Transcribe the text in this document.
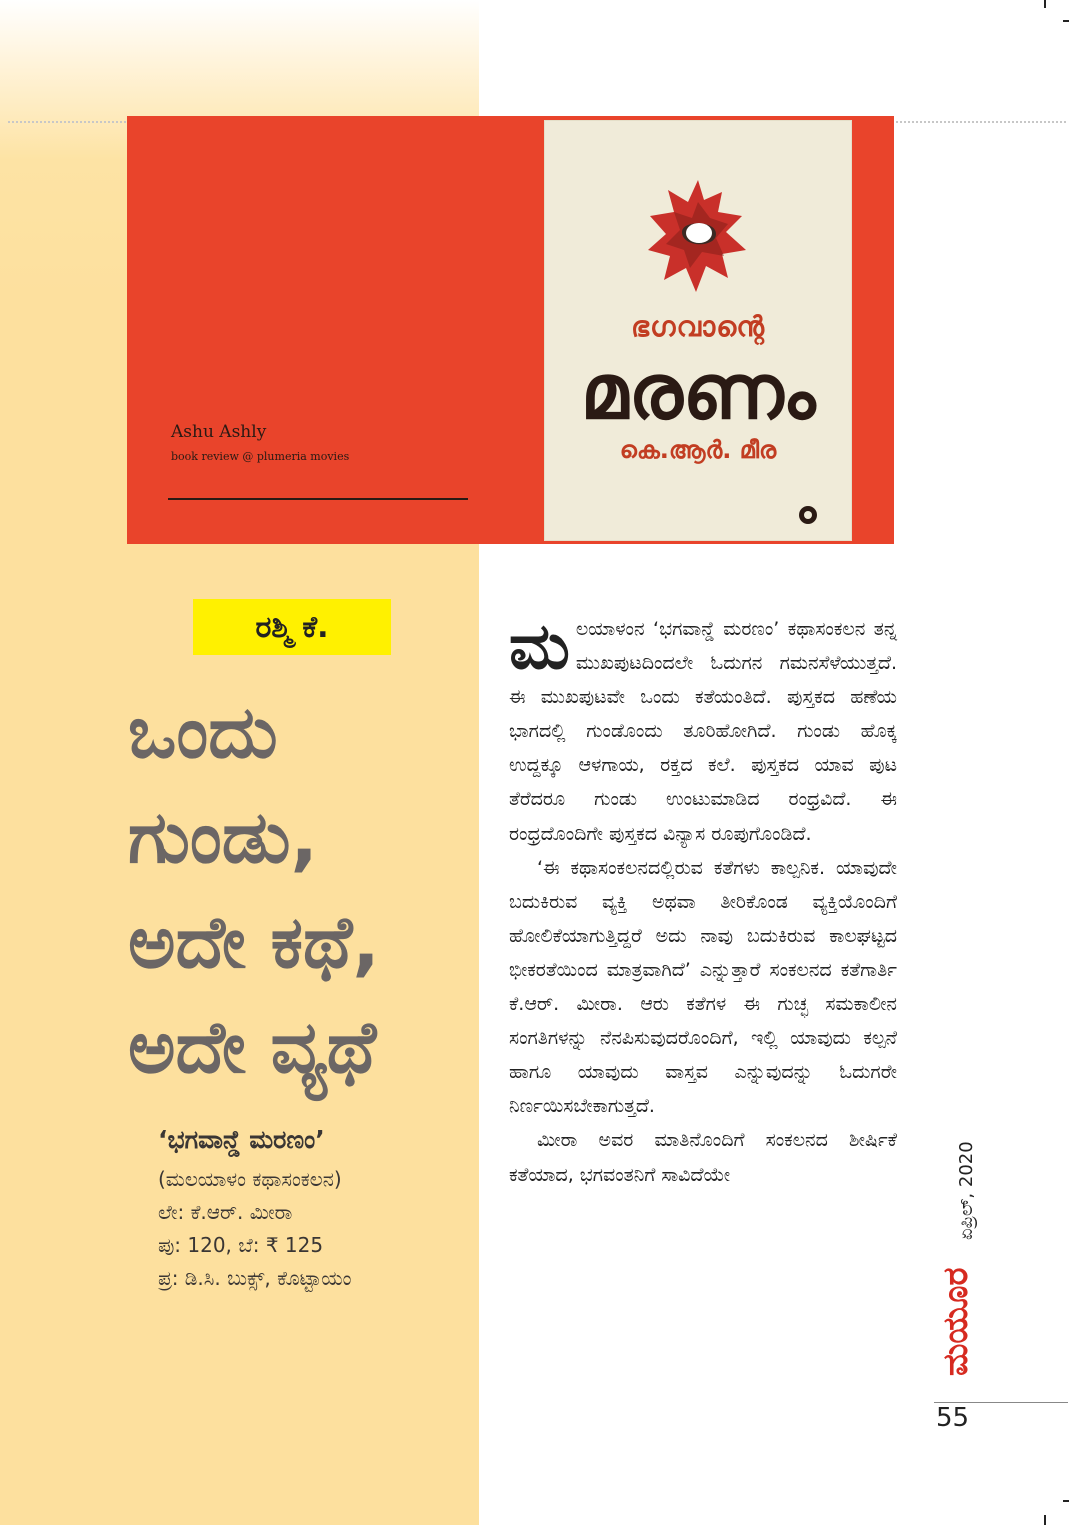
Ashu Ashly
book review @ plumeria movies
ഭഗവാന്റെ
മരണം
കെ.ആർ. മീര
ರಶ್ಮಿ ಕೆ.
ಒಂದು
ಗುಂಡು,
ಅದೇ ಕಥೆ,
ಅದೇ ವ್ಯಥೆ
‘ಭಗವಾನ್ಡೆ ಮರಣಂ’
(ಮಲಯಾಳಂ ಕಥಾಸಂಕಲನ)
ಲೇ: ಕೆ.ಆರ್. ಮೀರಾ
ಪು: 120, ಬೆ: ₹ 125
ಪ್ರ: ಡಿ.ಸಿ. ಬುಕ್ಸ್, ಕೊಟ್ಟಾಯಂ

ಮಲಯಾಳಂನ ‘ಭಗವಾನ್ಡೆ ಮರಣಂ’ ಕಥಾಸಂಕಲನ ತನ್ನ ಮುಖಪುಟದಿಂದಲೇ ಓದುಗನ ಗಮನಸೆಳೆಯುತ್ತದೆ. ಈ ಮುಖಪುಟವೇ ಒಂದು ಕತೆಯಂತಿದೆ. ಪುಸ್ತಕದ ಹಣೆಯ ಭಾಗದಲ್ಲಿ ಗುಂಡೊಂದು ತೂರಿಹೋಗಿದೆ. ಗುಂಡು ಹೊಕ್ಕ ಉದ್ದಕ್ಕೂ ಆಳಗಾಯ, ರಕ್ತದ ಕಲೆ. ಪುಸ್ತಕದ ಯಾವ ಪುಟ ತೆರೆದರೂ ಗುಂಡು ಉಂಟುಮಾಡಿದ ರಂಧ್ರವಿದೆ. ಈ ರಂಧ್ರದೊಂದಿಗೇ ಪುಸ್ತಕದ ವಿನ್ಯಾಸ ರೂಪುಗೊಂಡಿದೆ.

‘ಈ ಕಥಾಸಂಕಲನದಲ್ಲಿರುವ ಕತೆಗಳು ಕಾಲ್ಪನಿಕ. ಯಾವುದೇ ಬದುಕಿರುವ ವ್ಯಕ್ತಿ ಅಥವಾ ತೀರಿಕೊಂಡ ವ್ಯಕ್ತಿಯೊಂದಿಗೆ ಹೋಲಿಕೆಯಾಗುತ್ತಿದ್ದರೆ ಅದು ನಾವು ಬದುಕಿರುವ ಕಾಲಘಟ್ಟದ ಭೀಕರತೆಯಿಂದ ಮಾತ್ರವಾಗಿದೆ’ ಎನ್ನುತ್ತಾರೆ ಸಂಕಲನದ ಕತೆಗಾರ್ತಿ ಕೆ.ಆರ್. ಮೀರಾ. ಆರು ಕತೆಗಳ ಈ ಗುಚ್ಛ ಸಮಕಾಲೀನ ಸಂಗತಿಗಳನ್ನು ನೆನಪಿಸುವುದರೊಂದಿಗೆ, ಇಲ್ಲಿ ಯಾವುದು ಕಲ್ಪನೆ ಹಾಗೂ ಯಾವುದು ವಾಸ್ತವ ಎನ್ನುವುದನ್ನು ಓದುಗರೇ ನಿರ್ಣಯಿಸಬೇಕಾಗುತ್ತದೆ.

ಮೀರಾ ಅವರ ಮಾತಿನೊಂದಿಗೆ ಸಂಕಲನದ ಶೀರ್ಷಿಕೆ ಕತೆಯಾದ, ಭಗವಂತನಿಗೆ ಸಾವಿದೆಯೇ	ಏಪ್ರಿಲ್, 2020
ಮಯೂರ
55
